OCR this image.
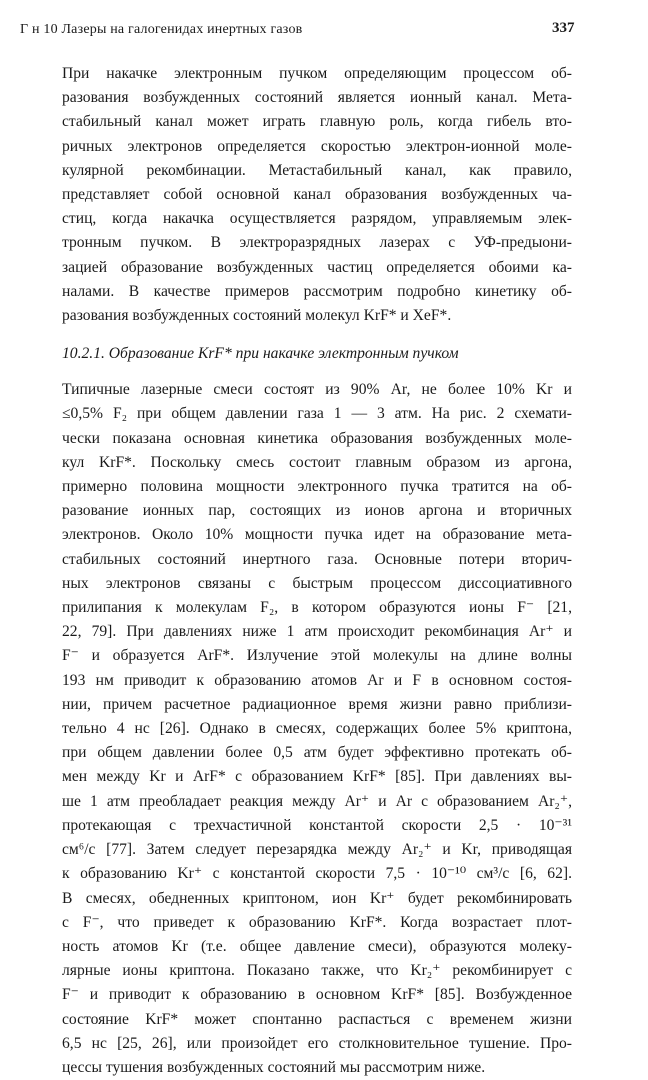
Г н 10 Лазеры на галогенидах инертных газов	337
При накачке электронным пучком определяющим процессом об-
разования возбужденных состояний является ионный канал. Мета-
стабильный канал может играть главную роль, когда гибель вто-
ричных электронов определяется скоростью электрон-ионной моле-
кулярной рекомбинации. Метастабильный канал, как правило,
представляет собой основной канал образования возбужденных ча-
стиц, когда накачка осуществляется разрядом, управляемым элек-
тронным пучком. В электроразрядных лазерах с УФ-предыони-
зацией образование возбужденных частиц определяется обоими ка-
налами. В качестве примеров рассмотрим подробно кинетику об-
разования возбужденных состояний молекул KrF* и XeF*.
10.2.1. Образование KrF* при накачке электронным пучком
Типичные лазерные смеси состоят из 90% Ar, не более 10% Kr и
≤0,5% F₂ при общем давлении газа 1 — 3 атм. На рис. 2 схемати-
чески показана основная кинетика образования возбужденных моле-
кул KrF*. Поскольку смесь состоит главным образом из аргона,
примерно половина мощности электронного пучка тратится на об-
разование ионных пар, состоящих из ионов аргона и вторичных
электронов. Около 10% мощности пучка идет на образование мета-
стабильных состояний инертного газа. Основные потери вторич-
ных электронов связаны с быстрым процессом диссоциативного
прилипания к молекулам F₂, в котором образуются ионы F⁻ [21,
22, 79]. При давлениях ниже 1 атм происходит рекомбинация Ar⁺ и
F⁻ и образуется ArF*. Излучение этой молекулы на длине волны
193 нм приводит к образованию атомов Ar и F в основном состоя-
нии, причем расчетное радиационное время жизни равно приблизи-
тельно 4 нс [26]. Однако в смесях, содержащих более 5% криптона,
при общем давлении более 0,5 атм будет эффективно протекать об-
мен между Kr и ArF* с образованием KrF* [85]. При давлениях вы-
ше 1 атм преобладает реакция между Ar⁺ и Ar с образованием Ar₂⁺,
протекающая с трехчастичной константой скорости 2,5 · 10⁻³¹
см⁶/с [77]. Затем следует перезарядка между Ar₂⁺ и Kr, приводящая
к образованию Kr⁺ с константой скорости 7,5 · 10⁻¹⁰ см³/с [6, 62].
В смесях, обедненных криптоном, ион Kr⁺ будет рекомбинировать
с F⁻, что приведет к образованию KrF*. Когда возрастает плот-
ность атомов Kr (т.е. общее давление смеси), образуются молеку-
лярные ионы криптона. Показано также, что Kr₂⁺ рекомбинирует с
F⁻ и приводит к образованию в основном KrF* [85]. Возбужденное
состояние KrF* может спонтанно распасться с временем жизни
6,5 нс [25, 26], или произойдет его столкновительное тушение. Про-
цессы тушения возбужденных состояний мы рассмотрим ниже.
